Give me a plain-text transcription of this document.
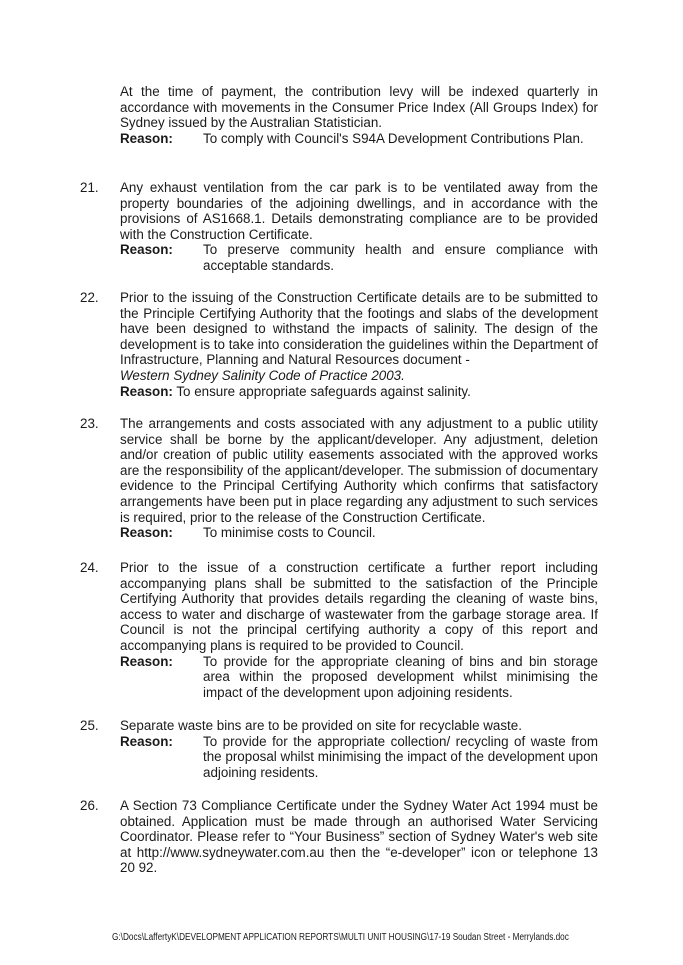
At the time of payment, the contribution levy will be indexed quarterly in accordance with movements in the Consumer Price Index (All Groups Index) for Sydney issued by the Australian Statistician.

Reason:	To comply with Council's S94A Development Contributions Plan.
21.	Any exhaust ventilation from the car park is to be ventilated away from the property boundaries of the adjoining dwellings, and in accordance with the provisions of AS1668.1. Details demonstrating compliance are to be provided with the Construction Certificate.

Reason:	To preserve community health and ensure compliance with acceptable standards.
22.	Prior to the issuing of the Construction Certificate details are to be submitted to the Principle Certifying Authority that the footings and slabs of the development have been designed to withstand the impacts of salinity. The design of the development is to take into consideration the guidelines within the Department of Infrastructure, Planning and Natural Resources document -

Western Sydney Salinity Code of Practice 2003.

Reason: To ensure appropriate safeguards against salinity.

23.	The arrangements and costs associated with any adjustment to a public utility service shall be borne by the applicant/developer. Any adjustment, deletion and/or creation of public utility easements associated with the approved works are the responsibility of the applicant/developer. The submission of documentary evidence to the Principal Certifying Authority which confirms that satisfactory arrangements have been put in place regarding any adjustment to such services is required, prior to the release of the Construction Certificate.

Reason:	To minimise costs to Council.
24.	Prior to the issue of a construction certificate a further report including accompanying plans shall be submitted to the satisfaction of the Principle Certifying Authority that provides details regarding the cleaning of waste bins, access to water and discharge of wastewater from the garbage storage area. If Council is not the principal certifying authority a copy of this report and accompanying plans is required to be provided to Council.

Reason:	To provide for the appropriate cleaning of bins and bin storage area within the proposed development whilst minimising the impact of the development upon adjoining residents.
25.	Separate waste bins are to be provided on site for recyclable waste.

Reason:	To provide for the appropriate collection/ recycling of waste from the proposal whilst minimising the impact of the development upon adjoining residents.
26.	A Section 73 Compliance Certificate under the Sydney Water Act 1994 must be obtained. Application must be made through an authorised Water Servicing Coordinator. Please refer to “Your Business” section of Sydney Water's web site at http://www.sydneywater.com.au then the “e-developer” icon or telephone 13 20 92.

G:\Docs\LaffertyK\DEVELOPMENT APPLICATION REPORTS\MULTI UNIT HOUSING\17-19 Soudan Street - Merrylands.doc
